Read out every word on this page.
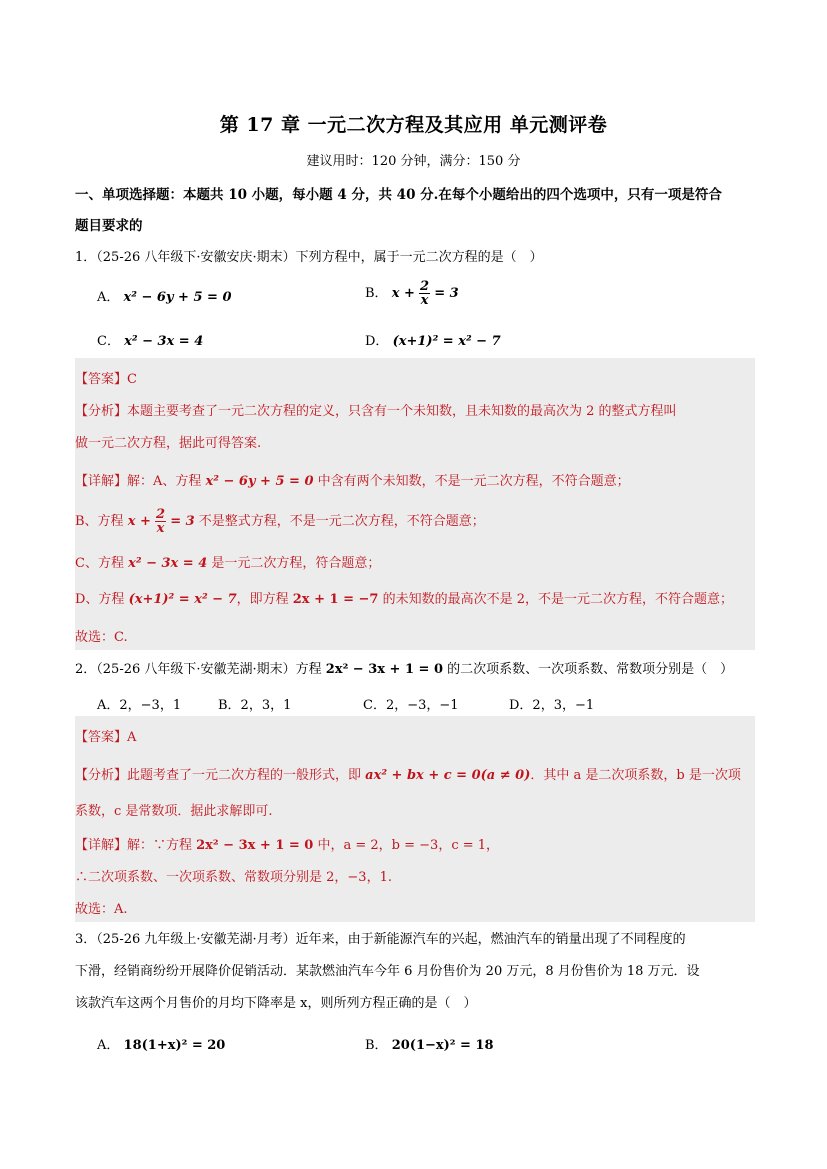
第 17 章 一元二次方程及其应用 单元测评卷
建议用时：120 分钟，满分：150 分
一、单项选择题：本题共 10 小题，每小题 4 分，共 40 分.在每个小题给出的四个选项中，只有一项是符合
题目要求的
1．（25-26 八年级下·安徽安庆·期末）下列方程中，属于一元二次方程的是（　）
A． x² − 6y + 5 = 0	B． $x + \frac{2}{x} = 3$
C． x² − 3x = 4	D． (x+1)² = x² − 7
【答案】C
【分析】本题主要考查了一元二次方程的定义，只含有一个未知数，且未知数的最高次为 2 的整式方程叫
做一元二次方程，据此可得答案.
【详解】解：A、方程 x² − 6y + 5 = 0 中含有两个未知数，不是一元二次方程，不符合题意；
B、方程 $x + \frac{2}{x} = 3$ 不是整式方程，不是一元二次方程，不符合题意；
C、方程 x² − 3x = 4 是一元二次方程，符合题意；
D、方程 (x+1)² = x² − 7，即方程 2x + 1 = −7 的未知数的最高次不是 2，不是一元二次方程，不符合题意；
故选：C.
2．（25-26 八年级下·安徽芜湖·期末）方程 2x² − 3x + 1 = 0 的二次项系数、一次项系数、常数项分别是（　）
A．2，−3，1	B．2，3，1	C．2，−3，−1	D．2，3，−1
【答案】A
【分析】此题考查了一元二次方程的一般形式，即 ax² + bx + c = 0(a ≠ 0)．其中 a 是二次项系数，b 是一次项
系数，c 是常数项．据此求解即可.
【详解】解：∵方程 2x² − 3x + 1 = 0 中，a = 2，b = −3，c = 1，
∴二次项系数、一次项系数、常数项分别是 2，−3，1.
故选：A.
3．（25-26 九年级上·安徽芜湖·月考）近年来，由于新能源汽车的兴起，燃油汽车的销量出现了不同程度的
下滑，经销商纷纷开展降价促销活动．某款燃油汽车今年 6 月份售价为 20 万元，8 月份售价为 18 万元．设
该款汽车这两个月售价的月均下降率是 x，则所列方程正确的是（　）
A． 18(1+x)² = 20	B． 20(1−x)² = 18
